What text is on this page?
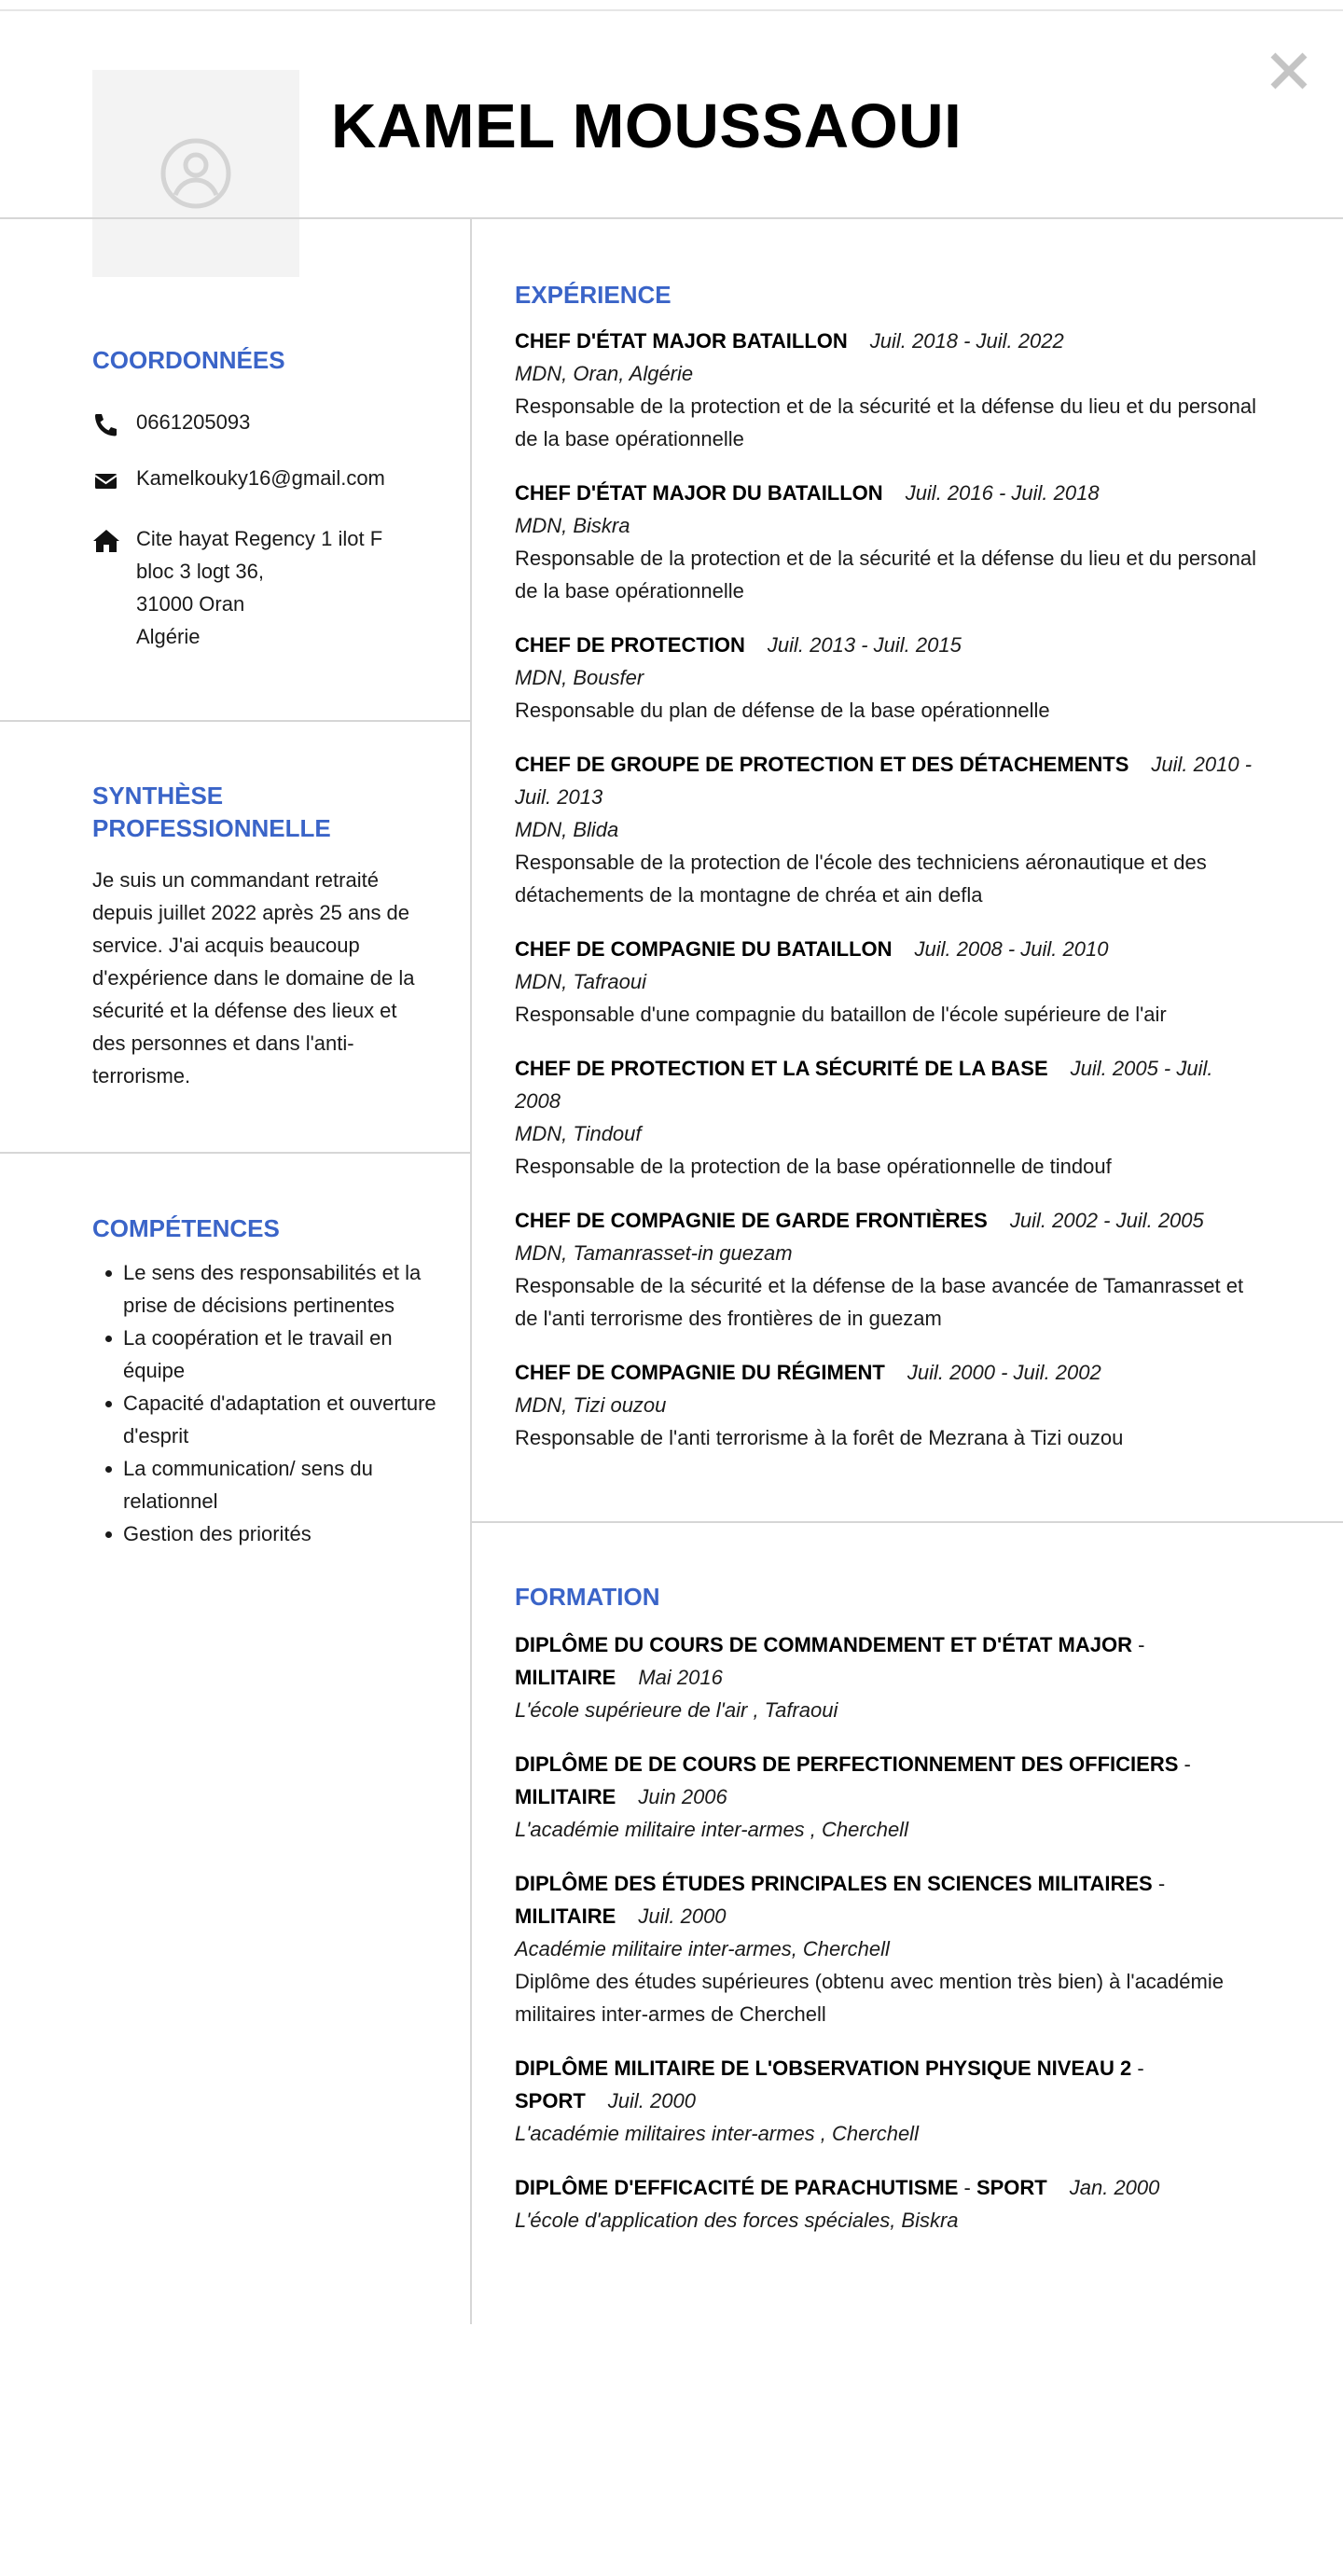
KAMEL MOUSSAOUI
COORDONNÉES
0661205093
Kamelkouky16@gmail.com
Cite hayat Regency 1 ilot F
bloc 3 logt 36,
31000 Oran
Algérie
SYNTHÈSE
PROFESSIONNELLE

Je suis un commandant retraité depuis juillet 2022 après 25 ans de service. J'ai acquis beaucoup d'expérience dans le domaine de la sécurité et la défense des lieux et des personnes et dans l'anti-terrorisme.

COMPÉTENCES
Le sens des responsabilités et la prise de décisions pertinentes
La coopération et le travail en équipe
Capacité d'adaptation et ouverture d'esprit
La communication/ sens du relationnel
Gestion des priorités
EXPÉRIENCE
CHEF D'ÉTAT MAJOR BATAILLON Juil. 2018 - Juil. 2022
MDN, Oran, Algérie
Responsable de la protection et de la sécurité et la défense du lieu et du personal de la base opérationnelle
CHEF D'ÉTAT MAJOR DU BATAILLON Juil. 2016 - Juil. 2018
MDN, Biskra
Responsable de la protection et de la sécurité et la défense du lieu et du personal de la base opérationnelle
CHEF DE PROTECTION Juil. 2013 - Juil. 2015
MDN, Bousfer
Responsable du plan de défense de la base opérationnelle
CHEF DE GROUPE DE PROTECTION ET DES DÉTACHEMENTS Juil. 2010 - Juil. 2013
MDN, Blida
Responsable de la protection de l'école des techniciens aéronautique et des détachements de la montagne de chréa et ain defla
CHEF DE COMPAGNIE DU BATAILLON Juil. 2008 - Juil. 2010
MDN, Tafraoui
Responsable d'une compagnie du bataillon de l'école supérieure de l'air
CHEF DE PROTECTION ET LA SÉCURITÉ DE LA BASE Juil. 2005 - Juil. 2008
MDN, Tindouf
Responsable de la protection de la base opérationnelle de tindouf
CHEF DE COMPAGNIE DE GARDE FRONTIÈRES Juil. 2002 - Juil. 2005
MDN, Tamanrasset-in guezam
Responsable de la sécurité et la défense de la base avancée de Tamanrasset et de l'anti terrorisme des frontières de in guezam
CHEF DE COMPAGNIE DU RÉGIMENT Juil. 2000 - Juil. 2002
MDN, Tizi ouzou
Responsable de l'anti terrorisme à la forêt de Mezrana à Tizi ouzou
FORMATION
DIPLÔME DU COURS DE COMMANDEMENT ET D'ÉTAT MAJOR - MILITAIRE Mai 2016
L'école supérieure de l'air , Tafraoui
DIPLÔME DE DE COURS DE PERFECTIONNEMENT DES OFFICIERS - MILITAIRE Juin 2006
L'académie militaire inter-armes , Cherchell
DIPLÔME DES ÉTUDES PRINCIPALES EN SCIENCES MILITAIRES - MILITAIRE Juil. 2000
Académie militaire inter-armes, Cherchell
Diplôme des études supérieures (obtenu avec mention très bien) à l'académie militaires inter-armes de Cherchell
DIPLÔME MILITAIRE DE L'OBSERVATION PHYSIQUE NIVEAU 2 - SPORT Juil. 2000
L'académie militaires inter-armes , Cherchell
DIPLÔME D'EFFICACITÉ DE PARACHUTISME - SPORT Jan. 2000
L'école d'application des forces spéciales, Biskra
